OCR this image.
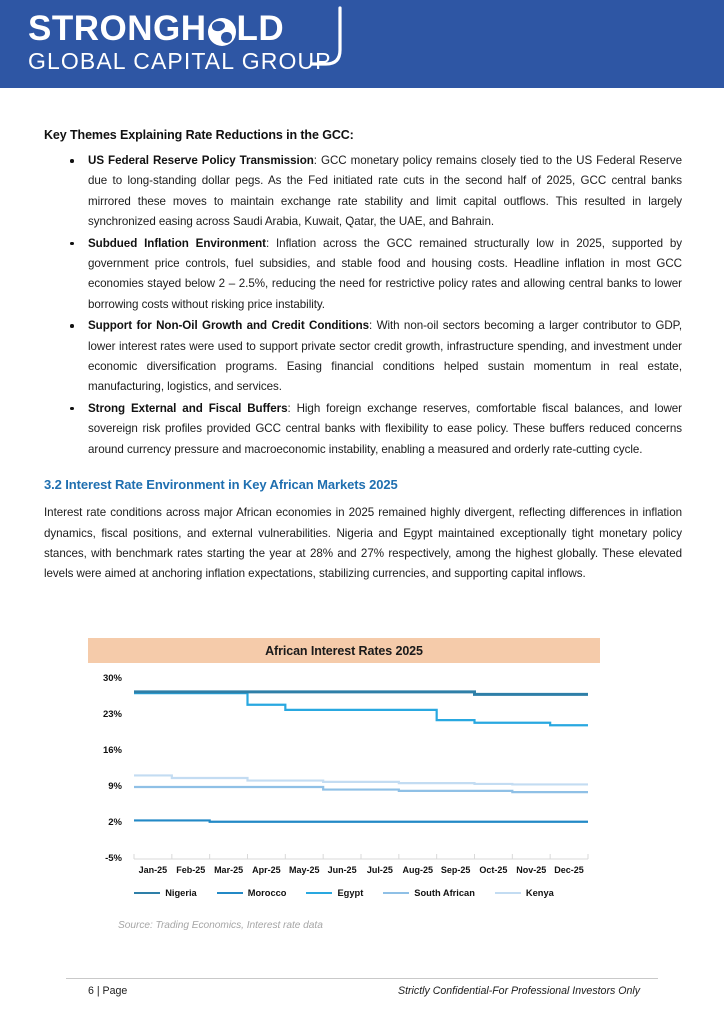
STRONGH LD
GLOBAL CAPITAL GROUP
Key Themes Explaining Rate Reductions in the GCC:
US Federal Reserve Policy Transmission: GCC monetary policy remains closely tied to the US Federal Reserve due to long-standing dollar pegs. As the Fed initiated rate cuts in the second half of 2025, GCC central banks mirrored these moves to maintain exchange rate stability and limit capital outflows. This resulted in largely synchronized easing across Saudi Arabia, Kuwait, Qatar, the UAE, and Bahrain.
Subdued Inflation Environment: Inflation across the GCC remained structurally low in 2025, supported by government price controls, fuel subsidies, and stable food and housing costs. Headline inflation in most GCC economies stayed below 2 – 2.5%, reducing the need for restrictive policy rates and allowing central banks to lower borrowing costs without risking price instability.
Support for Non-Oil Growth and Credit Conditions: With non-oil sectors becoming a larger contributor to GDP, lower interest rates were used to support private sector credit growth, infrastructure spending, and investment under economic diversification programs. Easing financial conditions helped sustain momentum in real estate, manufacturing, logistics, and services.
Strong External and Fiscal Buffers: High foreign exchange reserves, comfortable fiscal balances, and lower sovereign risk profiles provided GCC central banks with flexibility to ease policy. These buffers reduced concerns around currency pressure and macroeconomic instability, enabling a measured and orderly rate-cutting cycle.
3.2 Interest Rate Environment in Key African Markets 2025

Interest rate conditions across major African economies in 2025 remained highly divergent, reflecting differences in inflation dynamics, fiscal positions, and external vulnerabilities. Nigeria and Egypt maintained exceptionally tight monetary policy stances, with benchmark rates starting the year at 28% and 27% respectively, among the highest globally. These elevated levels were aimed at anchoring inflation expectations, stabilizing currencies, and supporting capital inflows.

African Interest Rates 2025
30%
23%
16%
9%
2%
-5%
Jan-25	Feb-25 Mar-25	Apr-25 May-25 Jun-25	Jul-25	Aug-25 Sep-25	Oct-25 Nov-25 Dec-25
Nigeria	Morocco	Egypt	South African	Kenya
Source: Trading Economics, Interest rate data
6 | Page	Strictly Confidential-For Professional Investors Only
